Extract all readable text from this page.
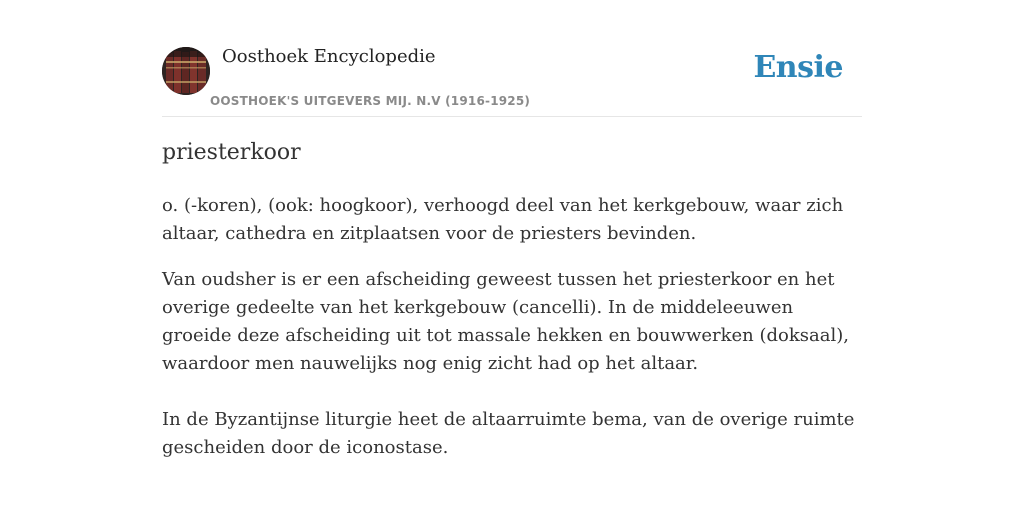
Oosthoek Encyclopedie
OOSTHOEK'S UITGEVERS MIJ. N.V (1916-1925)
Ensie
priesterkoor

o. (-koren), (ook: hoogkoor), verhoogd deel van het kerkgebouw, waar zich altaar, cathedra en zitplaatsen voor de priesters bevinden.

Van oudsher is er een afscheiding geweest tussen het priesterkoor en het overige gedeelte van het kerkgebouw (cancelli). In de middeleeuwen groeide deze afscheiding uit tot massale hekken en bouwwerken (doksaal), waardoor men nauwelijks nog enig zicht had op het altaar.

In de Byzantijnse liturgie heet de altaarruimte bema, van de overige ruimte gescheiden door de iconostase.
